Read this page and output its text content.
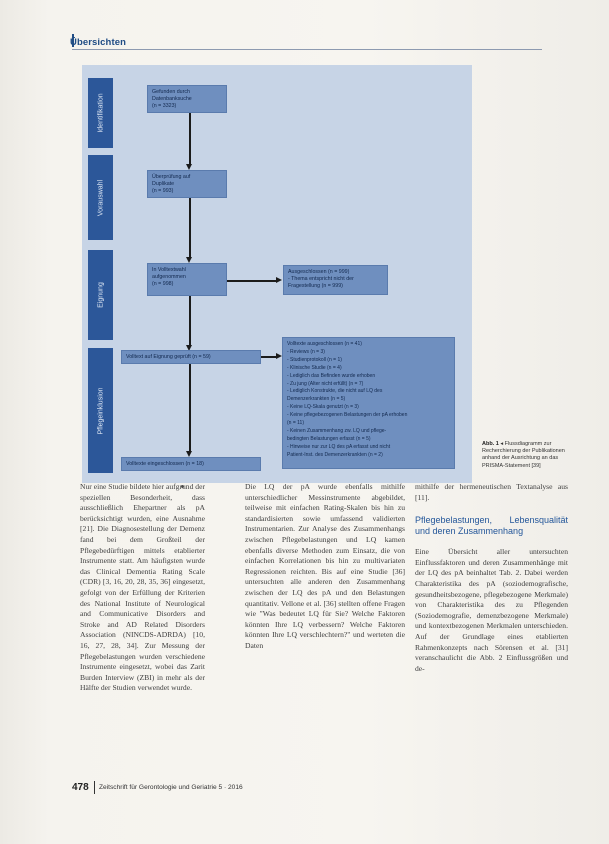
Übersichten
Identifikation
Vorauswahl
Eignung
Pflegeinklusion
Gefunden durch
Datenbanksuche
(n = 3323)
Überprüfung auf
Duplikate
(n = 993)
In Volltextwahl
aufgenommen
(n = 998)
Ausgeschlossen (n = 999)
- Thema entspricht nicht der
Fragestellung (n = 999)
Volltext auf Eignung geprüft (n = 59)
Volltexte ausgeschlossen (n = 41)
- Reviews (n = 3)
- Studienprotokoll (n = 1)
- Klinische Studie (n = 4)
- Lediglich das Befinden wurde erhoben
- Zu jung (Alter nicht erfüllt) (n = 7)
- Lediglich Konstrukte, die nicht auf LQ des
Demenzerkrankten (n = 5)
- Keine LQ-Skala genutzt (n = 3)
- Keine pflegebezogenen Belastungen der pA erhoben
(n = 11)
- Keinen Zusammenhang zw. LQ und pflege-
bedingten Belastungen erfasst (n = 5)
- Hinweise nur zur LQ des pA erfasst und nicht
Patient-Inst. des Demenzerkrankten (n = 2)
Volltexte eingeschlossen (n = 18)
Abb. 1 ◂ Flussdiagramm zur Recherchierung der Publikationen anhand der Ausrichtung an das PRISMA-Statement [39]

Nur eine Studie bildete hier aufgrund der speziellen Besonderheit, dass ausschließlich Ehepartner als pA berücksichtigt wurden, eine Ausnahme [21]. Die Diagnosestellung der Demenz fand bei dem Großteil der Pflegebedürftigen mittels etablierter Instrumente statt. Am häufigsten wurde das Clinical Dementia Rating Scale (CDR) [3, 16, 20, 28, 35, 36] eingesetzt, gefolgt von der Erfüllung der Kriterien des National Institute of Neurological and Communicative Disorders and Stroke and AD Related Disorders Association (NINCDS-ADRDA) [10, 16, 27, 28, 34]. Zur Messung der Pflegebelastungen wurden verschiedene Instrumente eingesetzt, wobei das Zarit Burden Interview (ZBI) in mehr als der Hälfte der Studien verwendet wurde.

Die LQ der pA wurde ebenfalls mithilfe unterschiedlicher Messinstrumente abgebildet, teilweise mit einfachen Rating-Skalen bis hin zu standardisierten sowie umfassend validierten Instrumentarien. Zur Analyse des Zusammenhangs zwischen Pflegebelastungen und LQ kamen ebenfalls diverse Methoden zum Einsatz, die von einfachen Korrelationen bis hin zu multivariaten Regressionen reichten. Bis auf eine Studie [36] untersuchten alle anderen den Zusammenhang zwischen der LQ des pA und den Belastungen quantitativ. Vellone et al. [36] stellten offene Fragen wie "Was bedeutet LQ für Sie? Welche Faktoren könnten Ihre LQ verbessern? Welche Faktoren könnten Ihre LQ verschlechtern?" und werteten die Daten

mithilfe der hermeneutischen Textanalyse aus [11].

Pflegebelastungen, Lebensqualität und deren Zusammenhang

Eine Übersicht aller untersuchten Einflussfaktoren und deren Zusammenhänge mit der LQ des pA beinhaltet Tab. 2. Dabei werden Charakteristika des pA (soziodemografische, gesundheitsbezogene, pflegebezogene Merkmale) von Charakteristika des zu Pflegenden (Soziodemografie, demenzbezogene Merkmale) und kontextbezogenen Merkmalen unterschieden. Auf der Grundlage eines etablierten Rahmenkonzepts nach Sörensen et al. [31] veranschaulicht die Abb. 2 Einflussgrößen und de-

478 Zeitschrift für Gerontologie und Geriatrie 5 · 2016
